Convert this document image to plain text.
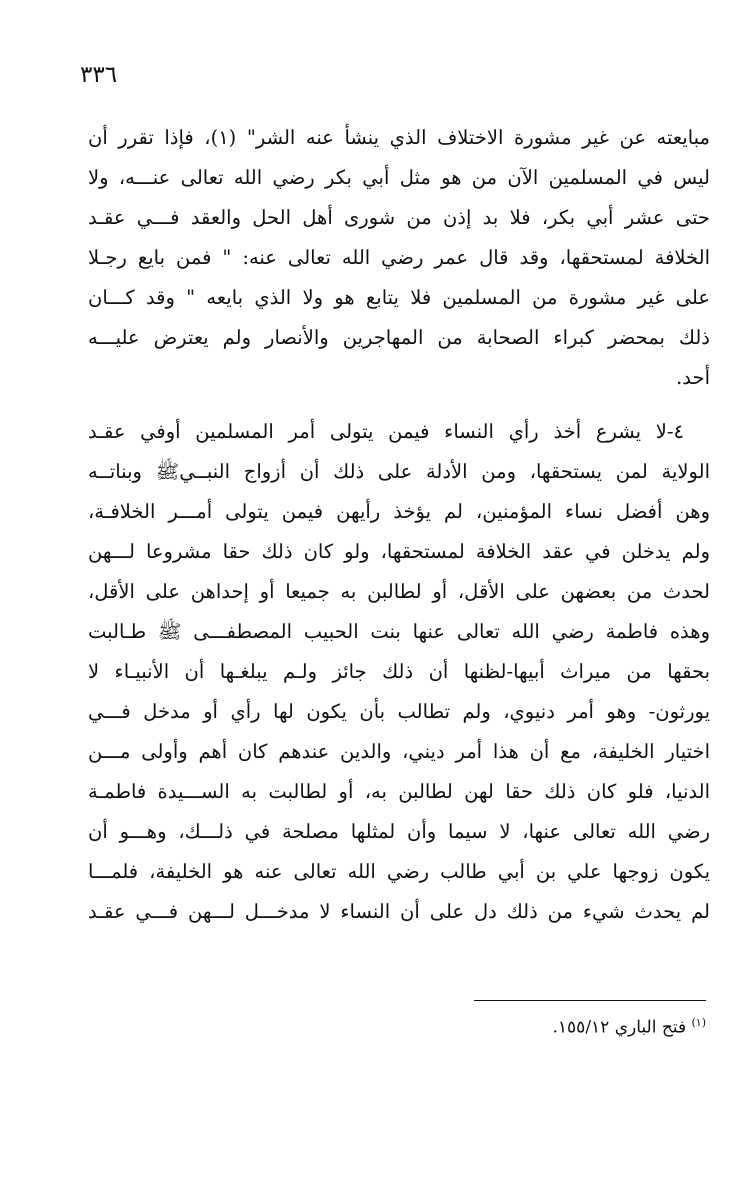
٣٣٦
مبايعته عن غير مشورة الاختلاف الذي ينشأ عنه الشر" (١)، فإذا تقرر أن
ليس في المسلمين الآن من هو مثل أبي بكر رضي الله تعالى عنـــه، ولا
حتى عشر أبي بكر، فلا بد إذن من شورى أهل الحل والعقد فـــي عقـد
الخلافة لمستحقها، وقد قال عمر رضي الله تعالى عنه: " فمن بايع رجـلا
على غير مشورة من المسلمين فلا يتابع هو ولا الذي بايعه " وقد كـــان
ذلك بمحضر كبراء الصحابة من المهاجرين والأنصار ولم يعترض عليـــه
أحد.
٤-لا يشرع أخذ رأي النساء فيمن يتولى أمر المسلمين أوفي عقـد
الولاية لمن يستحقها، ومن الأدلة على ذلك أن أزواج النبــيﷺ وبناتــه
وهن أفضل نساء المؤمنين، لم يؤخذ رأيهن فيمن يتولى أمـــر الخلافـة،
ولم يدخلن في عقد الخلافة لمستحقها، ولو كان ذلك حقا مشروعا لـــهن
لحدث من بعضهن على الأقل، أو لطالبن به جميعا أو إحداهن على الأقل،
وهذه فاطمة رضي الله تعالى عنها بنت الحبيب المصطفـــى ﷺ طـالبت
بحقها من ميراث أبيها-لظنها أن ذلك جائز ولـم يبلغـها أن الأنبيـاء لا
يورثون- وهو أمر دنيوي، ولم تطالب بأن يكون لها رأي أو مدخل فـــي
اختيار الخليفة، مع أن هذا أمر ديني، والدين عندهم كان أهم وأولى مـــن
الدنيا، فلو كان ذلك حقا لهن لطالبن به، أو لطالبت به الســـيدة فاطمـة
رضي الله تعالى عنها، لا سيما وأن لمثلها مصلحة في ذلـــك، وهـــو أن
يكون زوجها علي بن أبي طالب رضي الله تعالى عنه هو الخليفة، فلمـــا
لم يحدث شيء من ذلك دل على أن النساء لا مدخـــل لـــهن فـــي عقـد
$^{(١)}$ فتح الباري ١٥٥/١٢.
